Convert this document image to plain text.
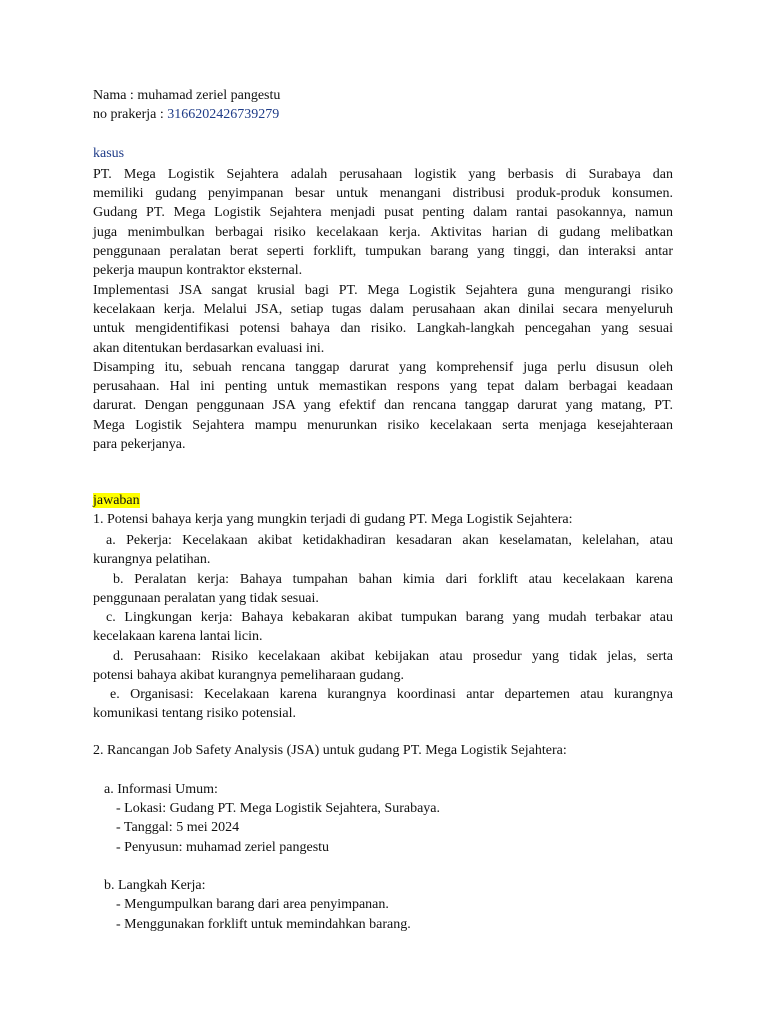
Nama : muhamad zeriel pangestu
no prakerja : 3166202426739279
kasus
PT. Mega Logistik Sejahtera adalah perusahaan logistik yang berbasis di Surabaya dan
memiliki gudang penyimpanan besar untuk menangani distribusi produk-produk konsumen.
Gudang PT. Mega Logistik Sejahtera menjadi pusat penting dalam rantai pasokannya, namun
juga menimbulkan berbagai risiko kecelakaan kerja. Aktivitas harian di gudang melibatkan
penggunaan peralatan berat seperti forklift, tumpukan barang yang tinggi, dan interaksi antar
pekerja maupun kontraktor eksternal.
Implementasi JSA sangat krusial bagi PT. Mega Logistik Sejahtera guna mengurangi risiko
kecelakaan kerja. Melalui JSA, setiap tugas dalam perusahaan akan dinilai secara menyeluruh
untuk mengidentifikasi potensi bahaya dan risiko. Langkah-langkah pencegahan yang sesuai
akan ditentukan berdasarkan evaluasi ini.
Disamping itu, sebuah rencana tanggap darurat yang komprehensif juga perlu disusun oleh
perusahaan. Hal ini penting untuk memastikan respons yang tepat dalam berbagai keadaan
darurat. Dengan penggunaan JSA yang efektif dan rencana tanggap darurat yang matang, PT.
Mega Logistik Sejahtera mampu menurunkan risiko kecelakaan serta menjaga kesejahteraan
para pekerjanya.
jawaban
1. Potensi bahaya kerja yang mungkin terjadi di gudang PT. Mega Logistik Sejahtera:
a. Pekerja: Kecelakaan akibat ketidakhadiran kesadaran akan keselamatan, kelelahan, atau
kurangnya pelatihan.
b. Peralatan kerja: Bahaya tumpahan bahan kimia dari forklift atau kecelakaan karena
penggunaan peralatan yang tidak sesuai.
c. Lingkungan kerja: Bahaya kebakaran akibat tumpukan barang yang mudah terbakar atau
kecelakaan karena lantai licin.
d. Perusahaan: Risiko kecelakaan akibat kebijakan atau prosedur yang tidak jelas, serta
potensi bahaya akibat kurangnya pemeliharaan gudang.
e. Organisasi: Kecelakaan karena kurangnya koordinasi antar departemen atau kurangnya
komunikasi tentang risiko potensial.
2. Rancangan Job Safety Analysis (JSA) untuk gudang PT. Mega Logistik Sejahtera:
a. Informasi Umum:
- Lokasi: Gudang PT. Mega Logistik Sejahtera, Surabaya.
- Tanggal: 5 mei 2024
- Penyusun: muhamad zeriel pangestu
b. Langkah Kerja:
- Mengumpulkan barang dari area penyimpanan.
- Menggunakan forklift untuk memindahkan barang.
